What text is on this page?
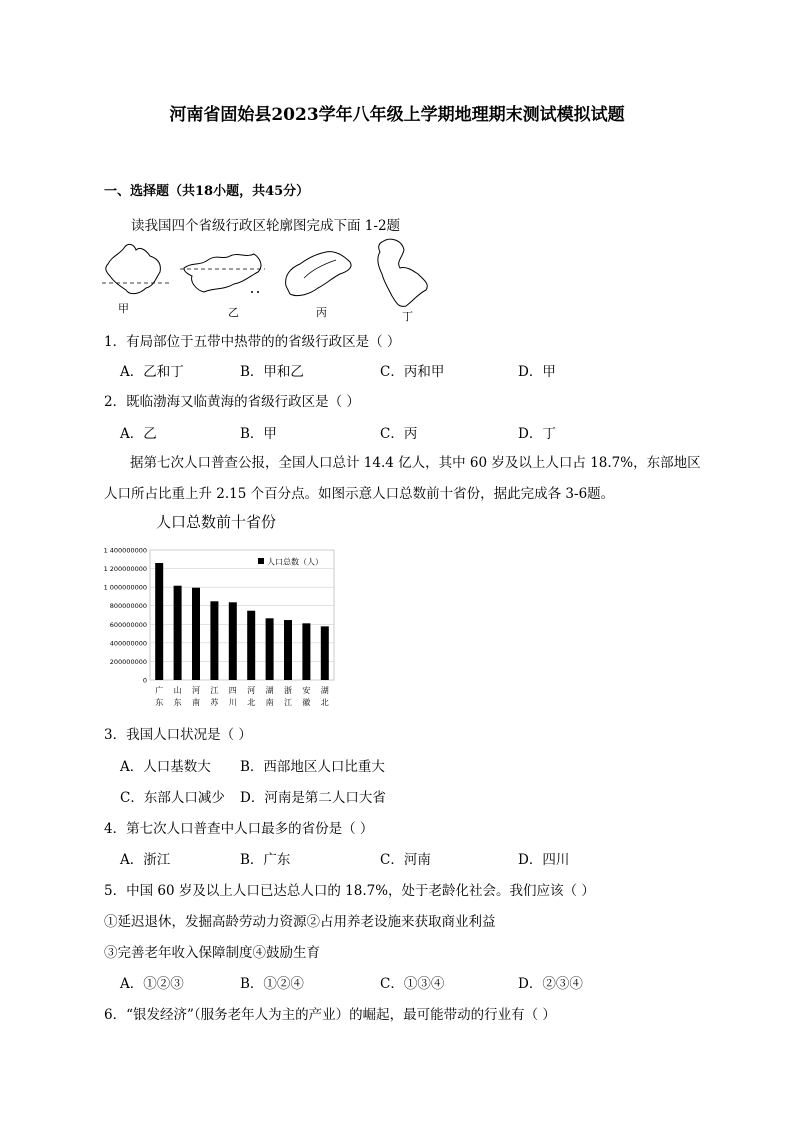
河南省固始县2023学年八年级上学期地理期末测试模拟试题
一、选择题（共18小题，共45分）
读我国四个省级行政区轮廓图完成下面 1-2题
甲	乙	丙	丁
1．有局部位于五带中热带的的省级行政区是（ ）
A．乙和丁	B．甲和乙	C．丙和甲	D．甲
2．既临渤海又临黄海的省级行政区是（ ）
A．乙	B．甲	C．丙	D．丁
据第七次人口普查公报，全国人口总计 14.4 亿人，其中 60 岁及以上人口占 18.7%，东部地区
人口所占比重上升 2.15 个百分点。如图示意人口总数前十省份，据此完成各 3-6题。
人口总数前十省份
0
200000000
400000000
600000000
800000000
1 000000000
1 200000000
1 400000000
广
东
山
东
河
南
江
苏
四
川
河
北
湖
南
浙
江
安
徽
湖
北
人口总数（人）
3．我国人口状况是（ ）
A．人口基数大 B．西部地区人口比重大
C．东部人口减少 D．河南是第二人口大省
4．第七次人口普查中人口最多的省份是（ ）
A．浙江	B．广东	C．河南	D．四川
5．中国 60 岁及以上人口已达总人口的 18.7%，处于老龄化社会。我们应该（ ）
①延迟退休，发掘高龄劳动力资源②占用养老设施来获取商业利益
③完善老年收入保障制度④鼓励生育
A．①②③	B．①②④	C．①③④	D．②③④
6．“银发经济”（服务老年人为主的产业）的崛起，最可能带动的行业有（ ）
